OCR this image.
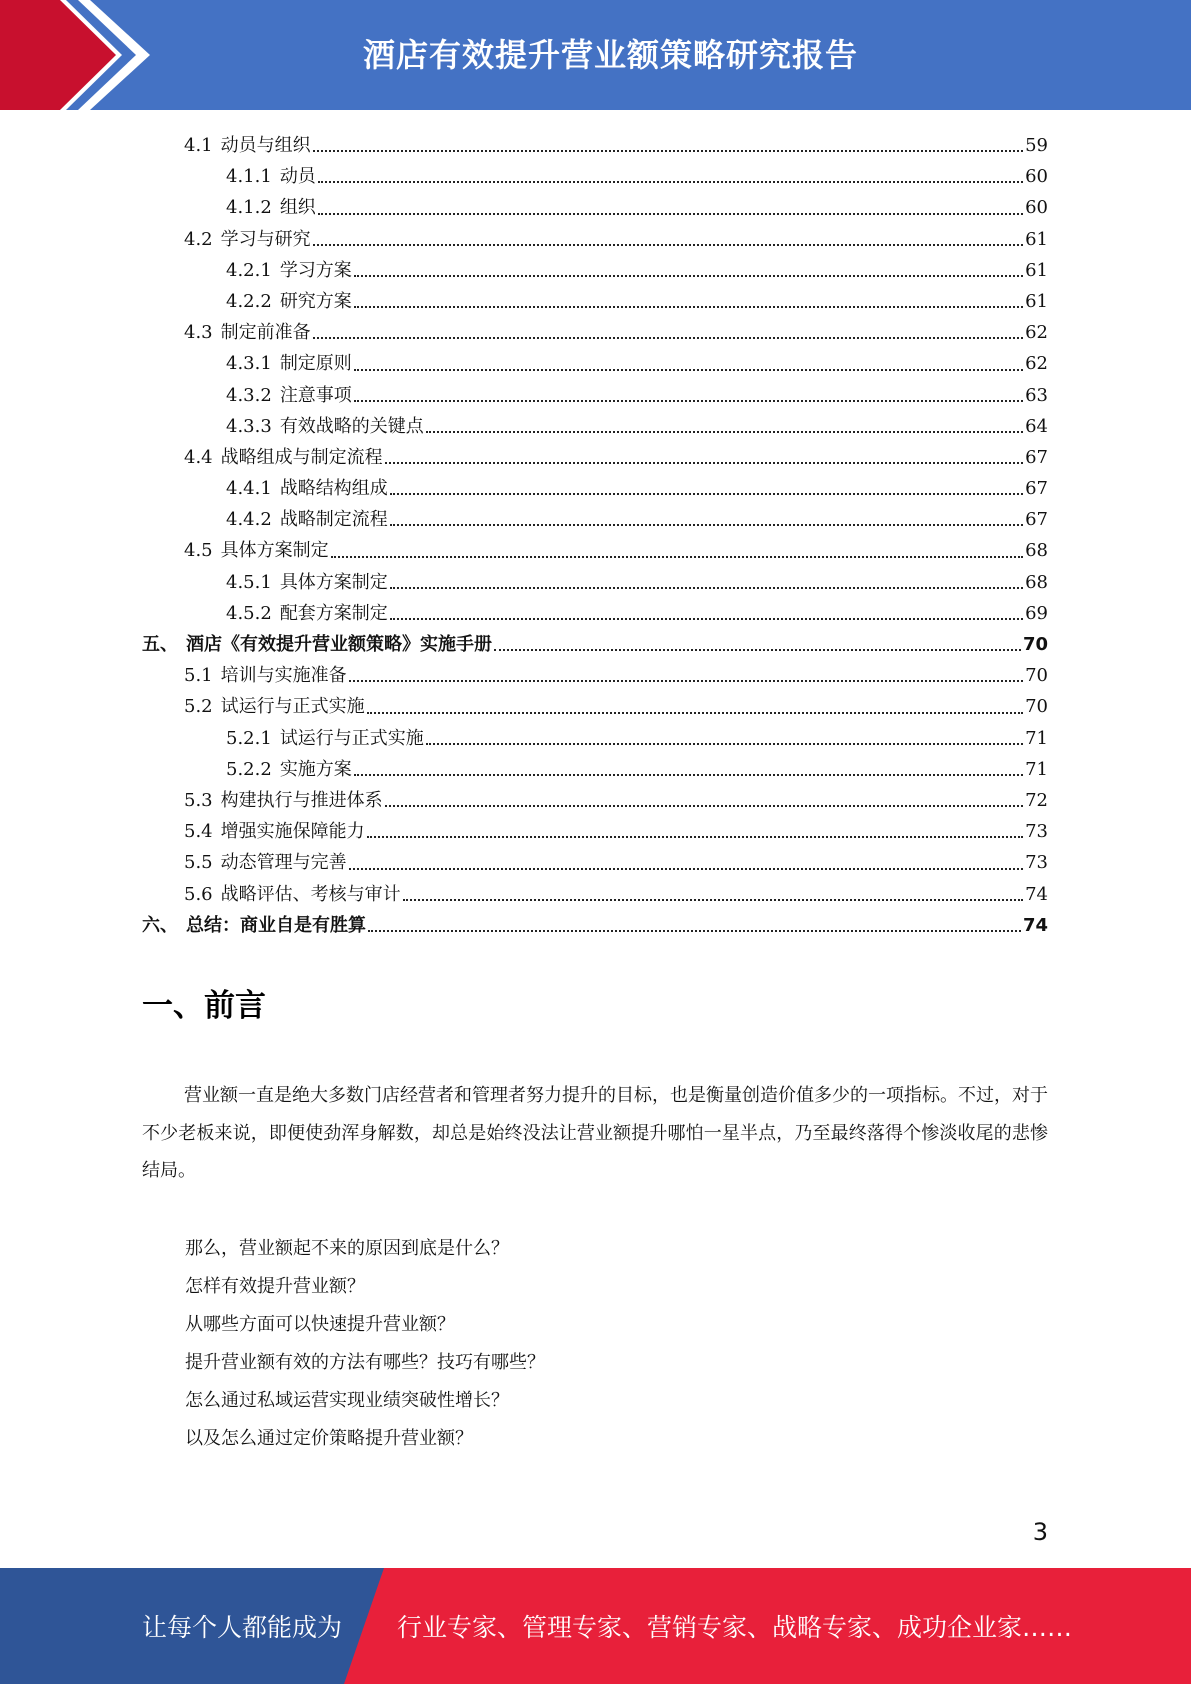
酒店有效提升营业额策略研究报告
4.1 动员与组织	59
4.1.1 动员	60
4.1.2 组织	60
4.2 学习与研究	61
4.2.1 学习方案	61
4.2.2 研究方案	61
4.3 制定前准备	62
4.3.1 制定原则	62
4.3.2 注意事项	63
4.3.3 有效战略的关键点	64
4.4 战略组成与制定流程	67
4.4.1 战略结构组成	67
4.4.2 战略制定流程	67
4.5 具体方案制定	68
4.5.1 具体方案制定	68
4.5.2 配套方案制定	69
五、 酒店《有效提升营业额策略》实施手册	70
5.1 培训与实施准备	70
5.2 试运行与正式实施	70
5.2.1 试运行与正式实施	71
5.2.2 实施方案	71
5.3 构建执行与推进体系	72
5.4 增强实施保障能力	73
5.5 动态管理与完善	73
5.6 战略评估、考核与审计	74
六、 总结：商业自是有胜算	74
一、前言

营业额一直是绝大多数门店经营者和管理者努力提升的目标，也是衡量创造价值多少的一项指标。不过，对于不少老板来说，即便使劲浑身解数，却总是始终没法让营业额提升哪怕一星半点，乃至最终落得个惨淡收尾的悲惨结局。

那么，营业额起不来的原因到底是什么？
怎样有效提升营业额？
从哪些方面可以快速提升营业额？
提升营业额有效的方法有哪些？技巧有哪些？
怎么通过私域运营实现业绩突破性增长？
以及怎么通过定价策略提升营业额？
3
让每个人都能成为 行业专家、管理专家、营销专家、战略专家、成功企业家……
